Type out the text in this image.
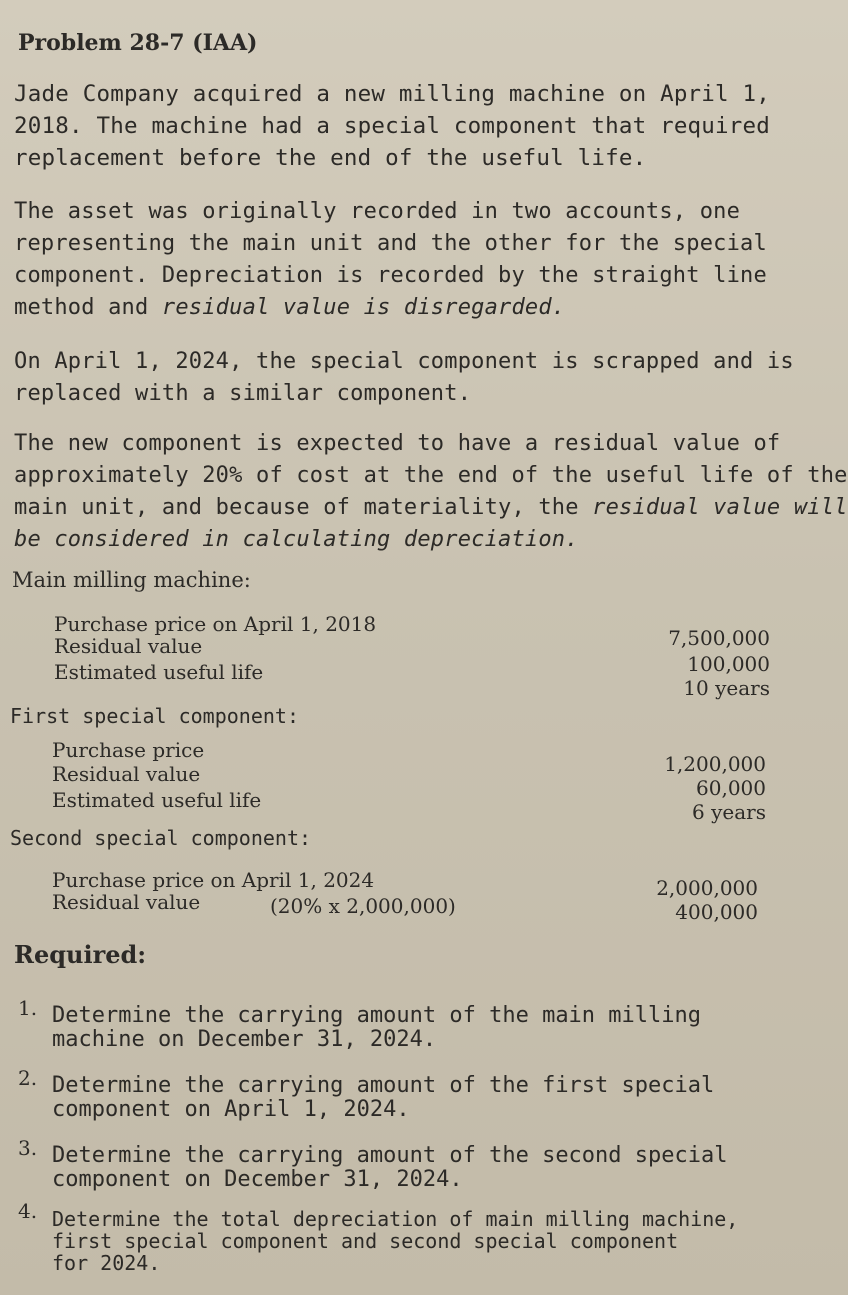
Problem 28-7 (IAA)
Jade Company acquired a new milling machine on April 1,
2018. The machine had a special component that required
replacement before the end of the useful life.
The asset was originally recorded in two accounts, one
representing the main unit and the other for the special
component. Depreciation is recorded by the straight line
method and residual value is disregarded.
On April 1, 2024, the special component is scrapped and is
replaced with a similar component.
The new component is expected to have a residual value of
approximately 20% of cost at the end of the useful life of the
main unit, and because of materiality, the residual value will
be considered in calculating depreciation.
Main milling machine:
Purchase price on April 1, 2018
Residual value
Estimated useful life
7,500,000
100,000
10 years
First special component:
Purchase price
Residual value
Estimated useful life
1,200,000
60,000
6 years
Second special component:
Purchase price on April 1, 2024
Residual value	(20% x 2,000,000)
2,000,000
400,000
Required:
1. Determine the carrying amount of the main milling
machine on December 31, 2024.
2. Determine the carrying amount of the first special
component on April 1, 2024.
3. Determine the carrying amount of the second special
component on December 31, 2024.
4. Determine the total depreciation of main milling machine,
first special component and second special component
for 2024.
